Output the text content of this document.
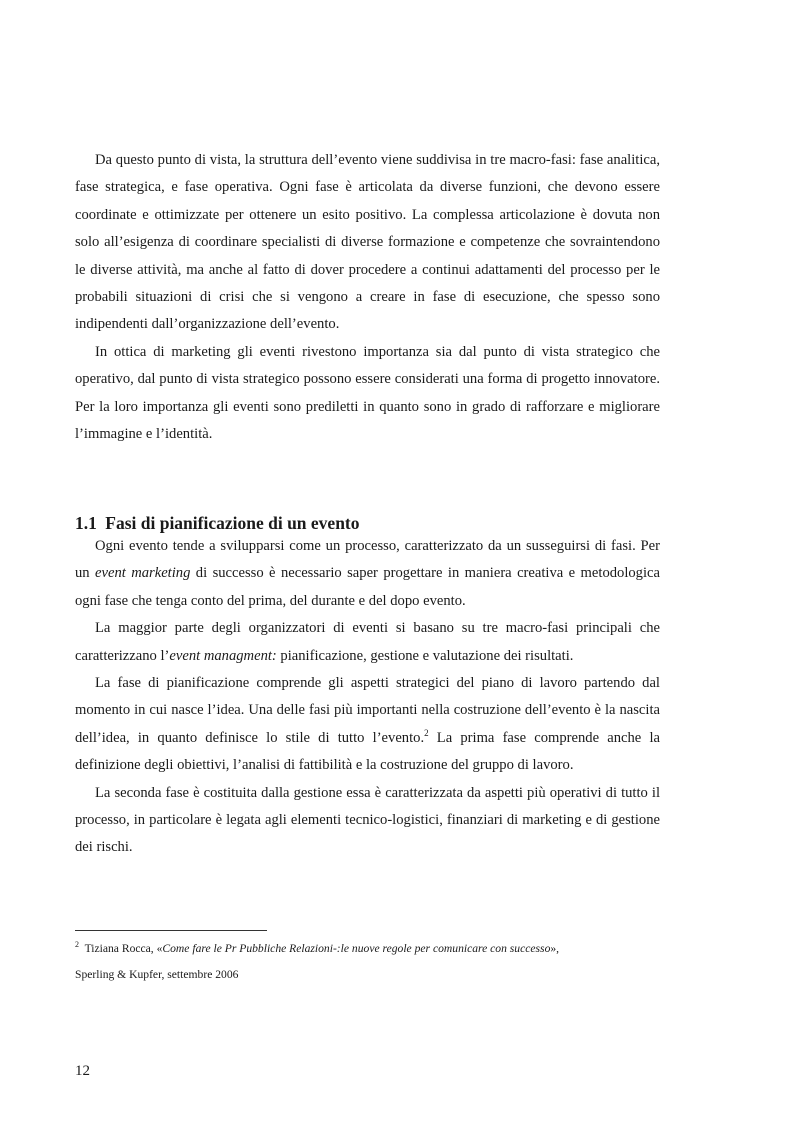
Da questo punto di vista, la struttura dell’evento viene suddivisa in tre macro-fasi: fase analitica, fase strategica, e fase operativa. Ogni fase è articolata da diverse funzioni, che devono essere coordinate e ottimizzate per ottenere un esito positivo. La complessa articolazione è dovuta non solo all’esigenza di coordinare specialisti di diverse formazione e competenze che sovraintendono le diverse attività, ma anche al fatto di dover procedere a continui adattamenti del processo per le probabili situazioni di crisi che si vengono a creare in fase di esecuzione, che spesso sono indipendenti dall’organizzazione dell’evento.

In ottica di marketing gli eventi rivestono importanza sia dal punto di vista strategico che operativo, dal punto di vista strategico possono essere considerati una forma di progetto innovatore. Per la loro importanza gli eventi sono prediletti in quanto sono in grado di rafforzare e migliorare l’immagine e l’identità.

1.1 Fasi di pianificazione di un evento

Ogni evento tende a svilupparsi come un processo, caratterizzato da un susseguirsi di fasi. Per un event marketing di successo è necessario saper progettare in maniera creativa e metodologica ogni fase che tenga conto del prima, del durante e del dopo evento.

La maggior parte degli organizzatori di eventi si basano su tre macro-fasi principali che caratterizzano l’event managment: pianificazione, gestione e valutazione dei risultati.

La fase di pianificazione comprende gli aspetti strategici del piano di lavoro partendo dal momento in cui nasce l’idea. Una delle fasi più importanti nella costruzione dell’evento è la nascita dell’idea, in quanto definisce lo stile di tutto l’evento.$^2$ La prima fase comprende anche la definizione degli obiettivi, l’analisi di fattibilità e la costruzione del gruppo di lavoro.

La seconda fase è costituita dalla gestione essa è caratterizzata da aspetti più operativi di tutto il processo, in particolare è legata agli elementi tecnico-logistici, finanziari di marketing e di gestione dei rischi.

$^2$ Tiziana Rocca, «Come fare le Pr Pubbliche Relazioni-:le nuove regole per comunicare con successo»,
Sperling & Kupfer, settembre 2006
12
